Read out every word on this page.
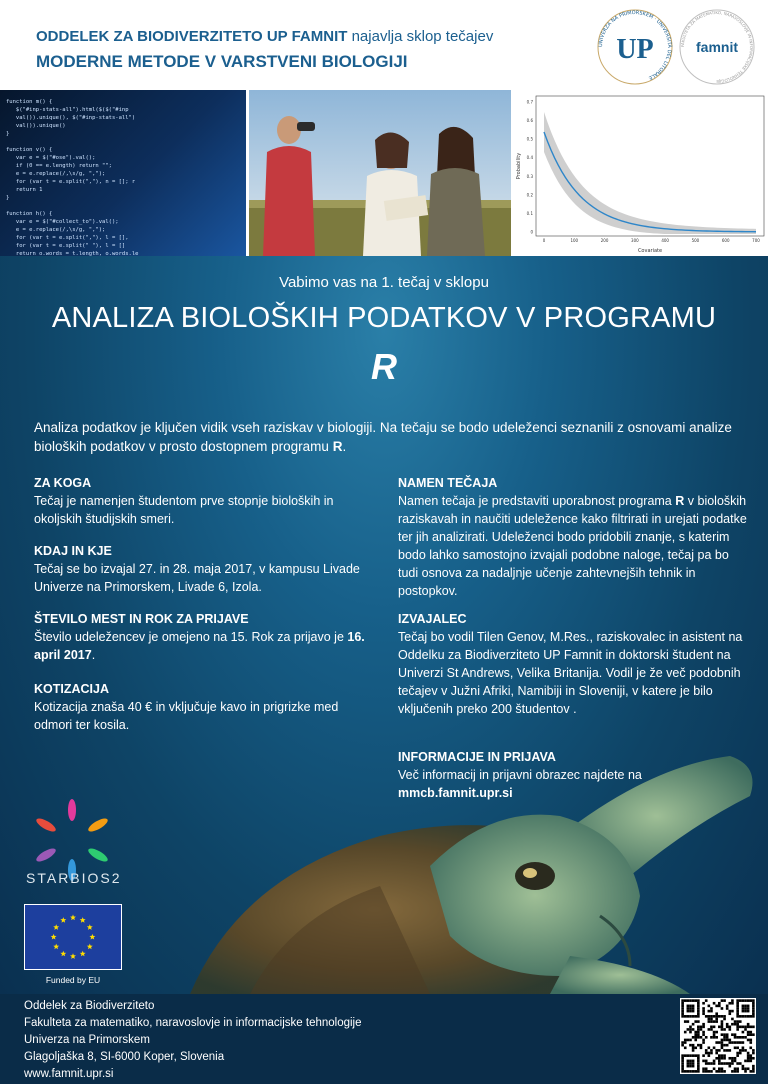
ODDELEK ZA BIODIVERZITETO UP FAMNIT najavlja sklop tečajev
MODERNE METODE V VARSTVENI BIOLOGIJI
UNIVERZA NA PRIMORSKEM · UNIVERSITÀ DEL LITORALE
UP	FAKULTETA ZA MATEMATIKO, NARAVOSLOVJE IN INFORMACIJSKE TEHNOLOGIJE
famnit
function m() {
$("#inp-stats-all").html($($("#inp
val()).unique(), $("#inp-stats-all")
val()).unique()
}

function v() {
var e = $("#ose").val();
if (0 == e.length) return "";
e = e.replace(/,\s/g, ",");
for (var t = e.split(","), n = []; r
return 1
}

function h() {
var e = $("#collect_to").val();
e = e.replace(/,\s/g, ",");
for (var t = e.split(","), l = [],
for (var t = e.split(" "), l = []
return o.words = t.length, o.words.le
0
0.1
0.2
0.3
0.4
0.5
0.6
0.7
0	100	200	300	400	500	600	700
Covariate
Probability
Vabimo vas na 1. tečaj v sklopu
ANALIZA BIOLOŠKIH PODATKOV V PROGRAMU
R
Analiza podatkov je ključen vidik vseh raziskav v biologiji. Na tečaju se bodo udeleženci seznanili z osnovami analize bioloških podatkov v prosto dostopnem programu R.
ZA KOGA

Tečaj je namenjen študentom prve stopnje bioloških in okoljskih študijskih smeri.

KDAJ IN KJE

Tečaj se bo izvajal 27. in 28. maja 2017, v kampusu Livade Univerze na Primorskem, Livade 6, Izola.

ŠTEVILO MEST IN ROK ZA PRIJAVE

Število udeležencev je omejeno na 15. Rok za prijavo je 16. april 2017.

KOTIZACIJA

Kotizacija znaša 40 € in vključuje kavo in prigrizke med odmori ter kosila.

NAMEN TEČAJA

Namen tečaja je predstaviti uporabnost programa R v bioloških raziskavah in naučiti udeležence kako filtrirati in urejati podatke ter jih analizirati. Udeleženci bodo pridobili znanje, s katerim bodo lahko samostojno izvajali podobne naloge, tečaj pa bo tudi osnova za nadaljnje učenje zahtevnejših tehnik in postopkov.

IZVAJALEC

Tečaj bo vodil Tilen Genov, M.Res., raziskovalec in asistent na Oddelku za Biodiverziteto UP Famnit in doktorski študent na Univerzi St Andrews, Velika Britanija. Vodil je že več podobnih tečajev v Južni Afriki, Namibiji in Sloveniji, v katere je bilo vključenih preko 200 študentov .

INFORMACIJE IN PRIJAVA

Več informacij in prijavni obrazec najdete na

mmcb.famnit.upr.si

STARBIOS2
Funded by EU
Oddelek za Biodiverziteto
Fakulteta za matematiko, naravoslovje in informacijske tehnologije
Univerza na Primorskem
Glagoljaška 8, SI-6000 Koper, Slovenia
www.famnit.upr.si
